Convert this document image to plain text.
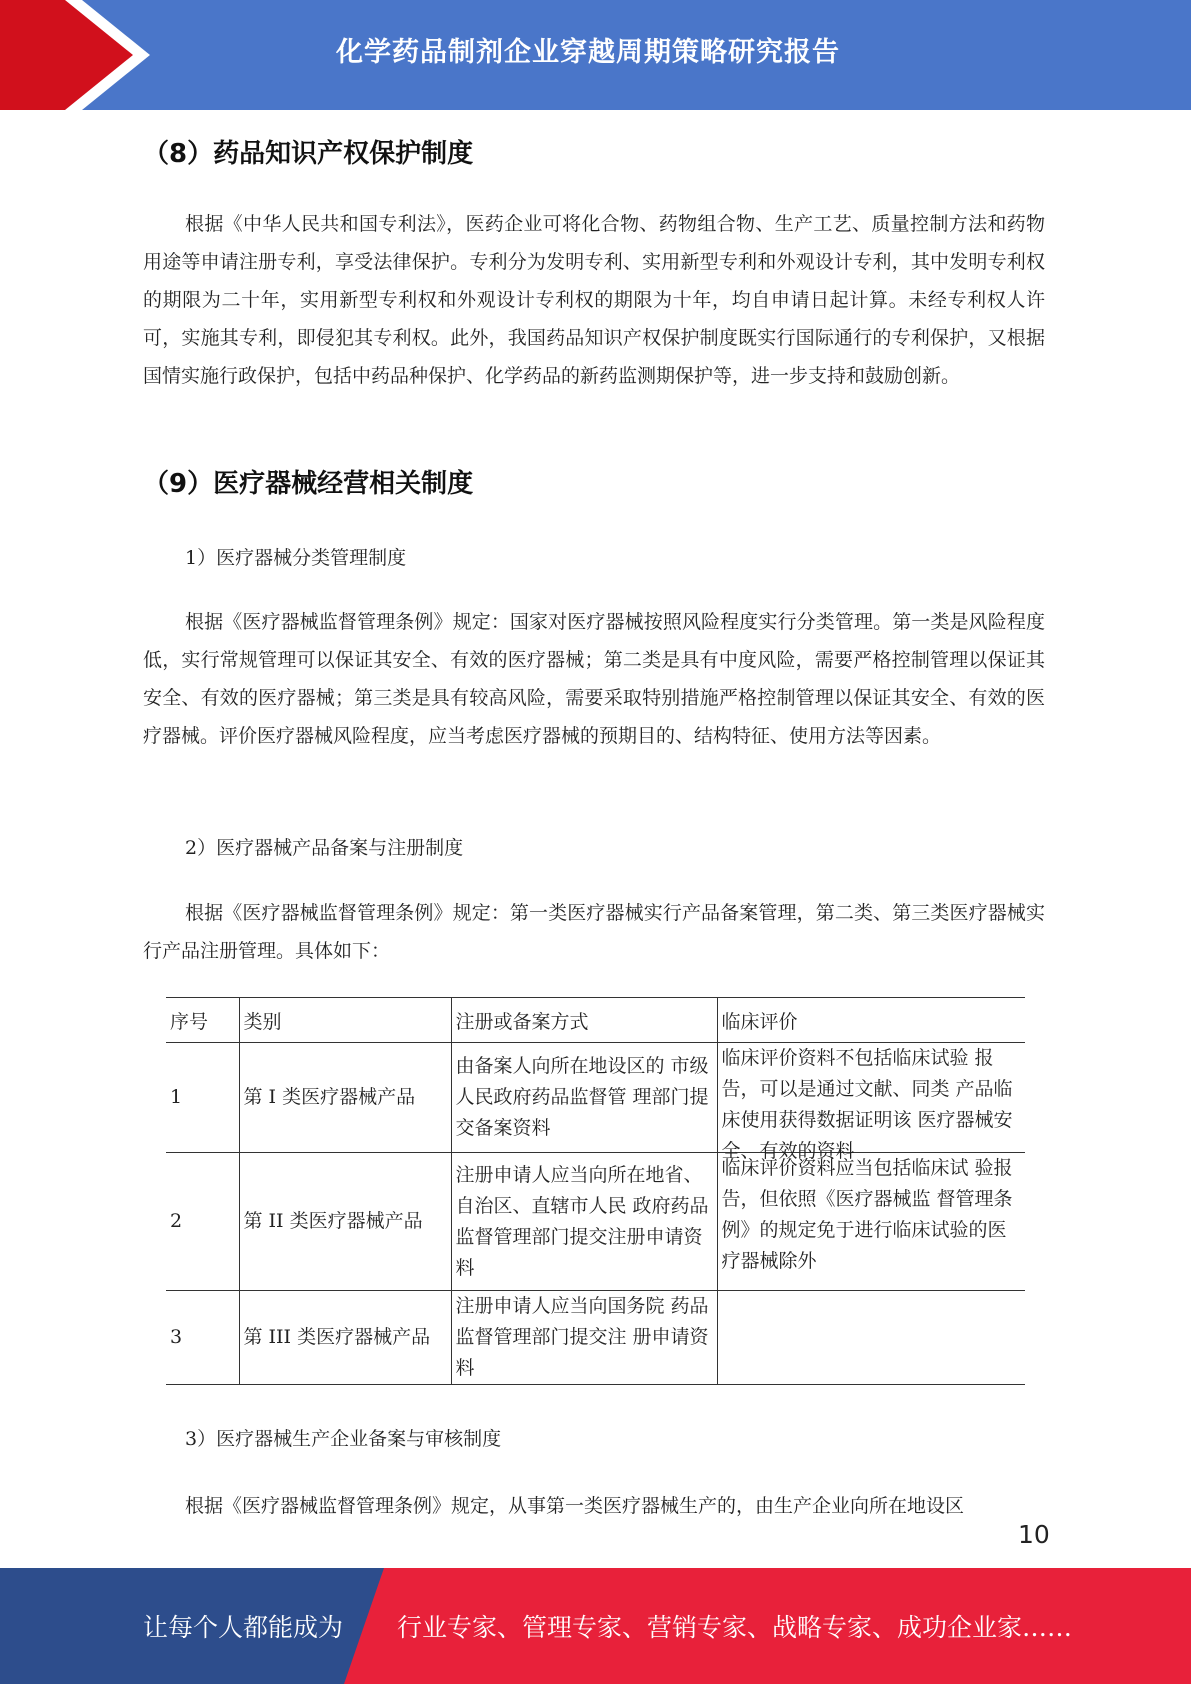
化学药品制剂企业穿越周期策略研究报告
（8）药品知识产权保护制度
根据《中华人民共和国专利法》，医药企业可将化合物、药物组合物、生产工艺、质量控制方法和药物用途等申请注册专利，享受法律保护。专利分为发明专利、实用新型专利和外观设计专利，其中发明专利权的期限为二十年，实用新型专利权和外观设计专利权的期限为十年，均自申请日起计算。未经专利权人许可，实施其专利，即侵犯其专利权。此外，我国药品知识产权保护制度既实行国际通行的专利保护，又根据国情实施行政保护，包括中药品种保护、化学药品的新药监测期保护等，进一步支持和鼓励创新。
（9）医疗器械经营相关制度
1）医疗器械分类管理制度
根据《医疗器械监督管理条例》规定：国家对医疗器械按照风险程度实行分类管理。第一类是风险程度低，实行常规管理可以保证其安全、有效的医疗器械；第二类是具有中度风险，需要严格控制管理以保证其安全、有效的医疗器械；第三类是具有较高风险，需要采取特别措施严格控制管理以保证其安全、有效的医疗器械。评价医疗器械风险程度，应当考虑医疗器械的预期目的、结构特征、使用方法等因素。
2）医疗器械产品备案与注册制度
根据《医疗器械监督管理条例》规定：第一类医疗器械实行产品备案管理，第二类、第三类医疗器械实行产品注册管理。具体如下：
序号	类别	注册或备案方式	临床评价
1	第 I 类医疗器械产品	由备案人向所在地设区的 市级人民政府药品监督管 理部门提交备案资料	临床评价资料不包括临床试验 报告，可以是通过文献、同类 产品临床使用获得数据证明该 医疗器械安全、有效的资料

2	第 II 类医疗器械产品	注册申请人应当向所在地省、自治区、直辖市人民 政府药品监督管理部门提交注册申请资料	临床评价资料应当包括临床试 验报告，但依照《医疗器械监 督管理条例》的规定免于进行临床试验的医疗器械除外
3	第 III 类医疗器械产品	注册申请人应当向国务院 药品监督管理部门提交注 册申请资料	
3）医疗器械生产企业备案与审核制度
根据《医疗器械监督管理条例》规定，从事第一类医疗器械生产的，由生产企业向所在地设区
10
让每个人都能成为 行业专家、管理专家、营销专家、战略专家、成功企业家……
